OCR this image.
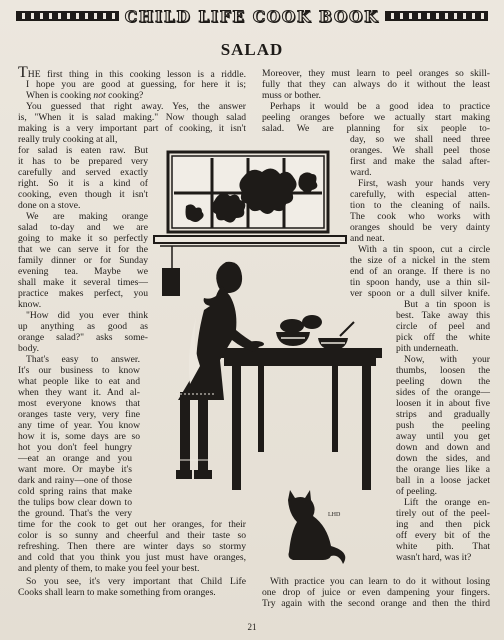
CHILD LIFE COOK BOOK
SALAD
LHD

THE first thing in this cooking lesson is a riddle.

I hope you are good at guessing, for here it is;

When is cooking not cooking?

You guessed that right away. Yes, the answer

is, "When it is salad making." Now though salad

making is a very important part of cooking, it isn't

really truly cooking at all,

for salad is eaten raw. But

it has to be prepared very

carefully and served exactly

right. So it is a kind of

cooking, even though it isn't

done on a stove.

We are making orange

salad to-day and we are

going to make it so perfectly

that we can serve it for the

family dinner or for Sunday

evening tea. Maybe we

shall make it several times—

practice makes perfect, you

know.

"How did you ever think

up anything as good as

orange salad?" asks some-

body.

That's easy to answer.

It's our business to know

what people like to eat and

when they want it. And al-

most everyone knows that

oranges taste very, very fine

any time of year. You know

how it is, some days are so

hot you don't feel hungry

—eat an orange and you

want more. Or maybe it's

dark and rainy—one of those

cold spring rains that make

the tulips bow clear down to

the ground. That's the very

time for the cook to get out her oranges, for their

color is so sunny and cheerful and their taste so

refreshing. Then there are winter days so stormy

and cold that you think you just must have oranges,

and plenty of them, to make you feel your best.

So you see, it's very important that Child Life

Cooks shall learn to make something from oranges.

Moreover, they must learn to peel oranges so skill-

fully that they can always do it without the least

muss or bother.

Perhaps it would be a good idea to practice

peeling oranges before we actually start making

salad. We are planning for six people to-

day, so we shall need three

oranges. We shall peel those

first and make the salad after-

ward.

First, wash your hands very

carefully, with especial atten-

tion to the cleaning of nails.

The cook who works with

oranges should be very dainty

and neat.

With a tin spoon, cut a circle

the size of a nickel in the stem

end of an orange. If there is no

tin spoon handy, use a thin sil-

ver spoon or a dull silver knife.

But a tin spoon is

best. Take away this

circle of peel and

pick off the white

pith underneath.

Now, with your

thumbs, loosen the

peeling down the

sides of the orange—

loosen it in about five

strips and gradually

push the peeling

away until you get

down and down and

down the sides, and

the orange lies like a

ball in a loose jacket

of peeling.

Lift the orange en-

tirely out of the peel-

ing and then pick

off every bit of the

white pith. That

wasn't hard, was it?

With practice you can learn to do it without losing

one drop of juice or even dampening your fingers.

Try again with the second orange and then the third

21
